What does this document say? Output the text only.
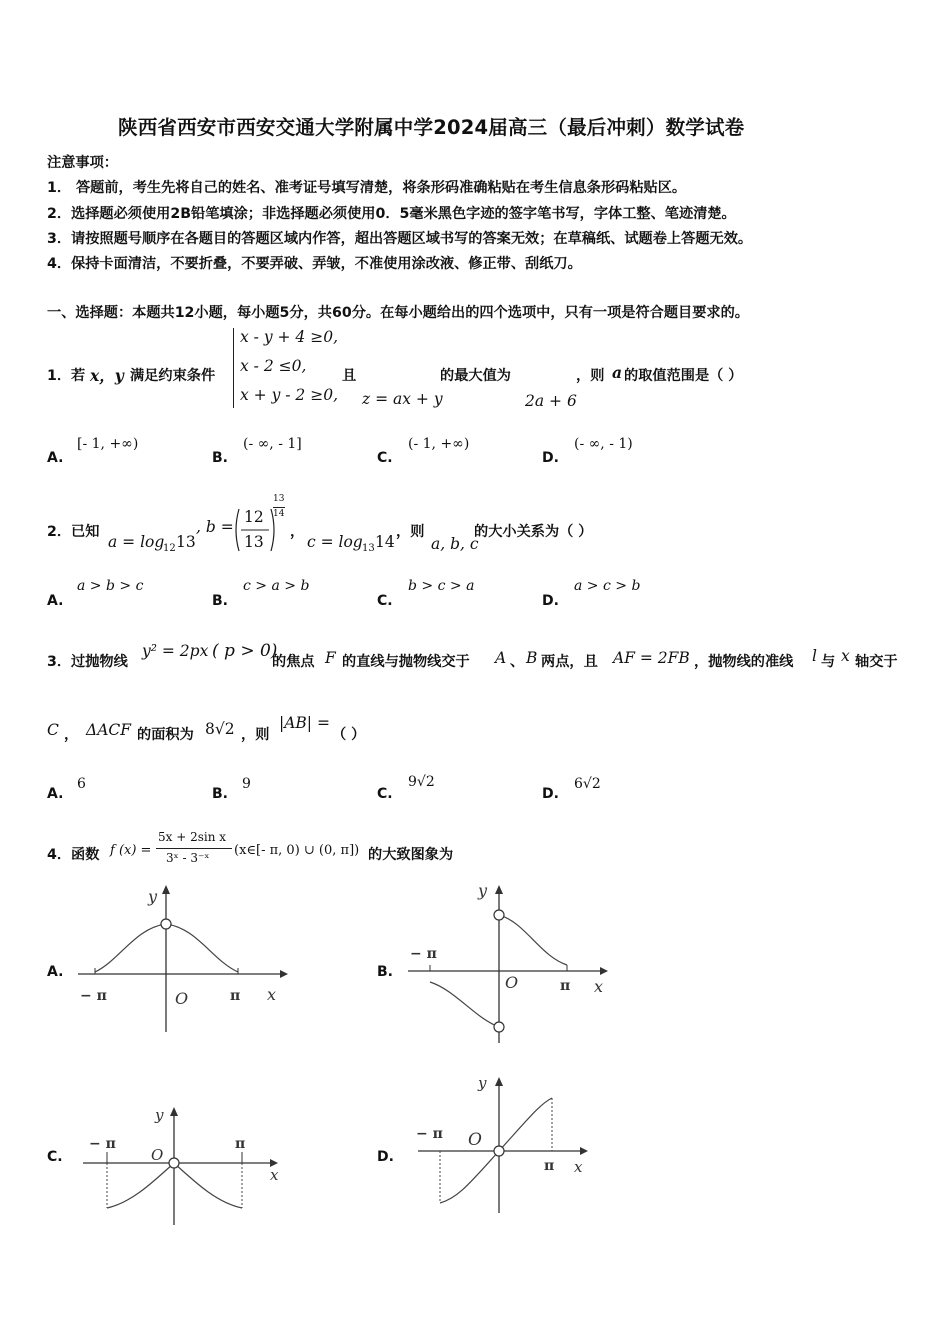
陕西省西安市西安交通大学附属中学2024届高三（最后冲刺）数学试卷
注意事项：
1． 答题前，考生先将自己的姓名、准考证号填写清楚，将条形码准确粘贴在考生信息条形码粘贴区。
2．选择题必须使用2B铅笔填涂；非选择题必须使用0．5毫米黑色字迹的签字笔书写，字体工整、笔迹清楚。
3．请按照题号顺序在各题目的答题区域内作答，超出答题区域书写的答案无效；在草稿纸、试题卷上答题无效。
4．保持卡面清洁，不要折叠，不要弄破、弄皱，不准使用涂改液、修正带、刮纸刀。
一、选择题：本题共12小题，每小题5分，共60分。在每小题给出的四个选项中，只有一项是符合题目要求的。
1．若 x，y 满足约束条件
x - y + 4 ≥0,
x - 2 ≤0,
x + y - 2 ≥0,
且
z = ax + y
的最大值为
2a + 6
，则 a 的取值范围是（ ）
A.
[- 1, +∞)
B.
(- ∞, - 1]
C.
(- 1, +∞)
D.
(- ∞, - 1)
2．已知
a = log
12 13
, b =
12
13
13
14
，
c = log 13 14
，则
a, b, c
的大小关系为（ ）
A.
a > b > c
B.
c > a > b
C.
b > c > a
D.
a > c > b
3．过抛物线
y² = 2px ( p > 0)
的焦点 F 的直线与抛物线交于 A 、 B 两点，且 AF = 2FB ，抛物线的准线 l 与 x 轴交于
C ， ΔACF 的面积为 8√2 ，则
|AB| =
（ ）
A.
6
B.
9
C.
9√2
D.
6√2
4．函数 f (x) =
5x + 2sin x
3ˣ - 3⁻ˣ (x∈[- π, 0) ∪ (0, π]) 的大致图象为
A.
y
− π	O	π x
B.
y
− π
O	π x
C.
y
− π
O
π
x
D.
y
− π O
π x
